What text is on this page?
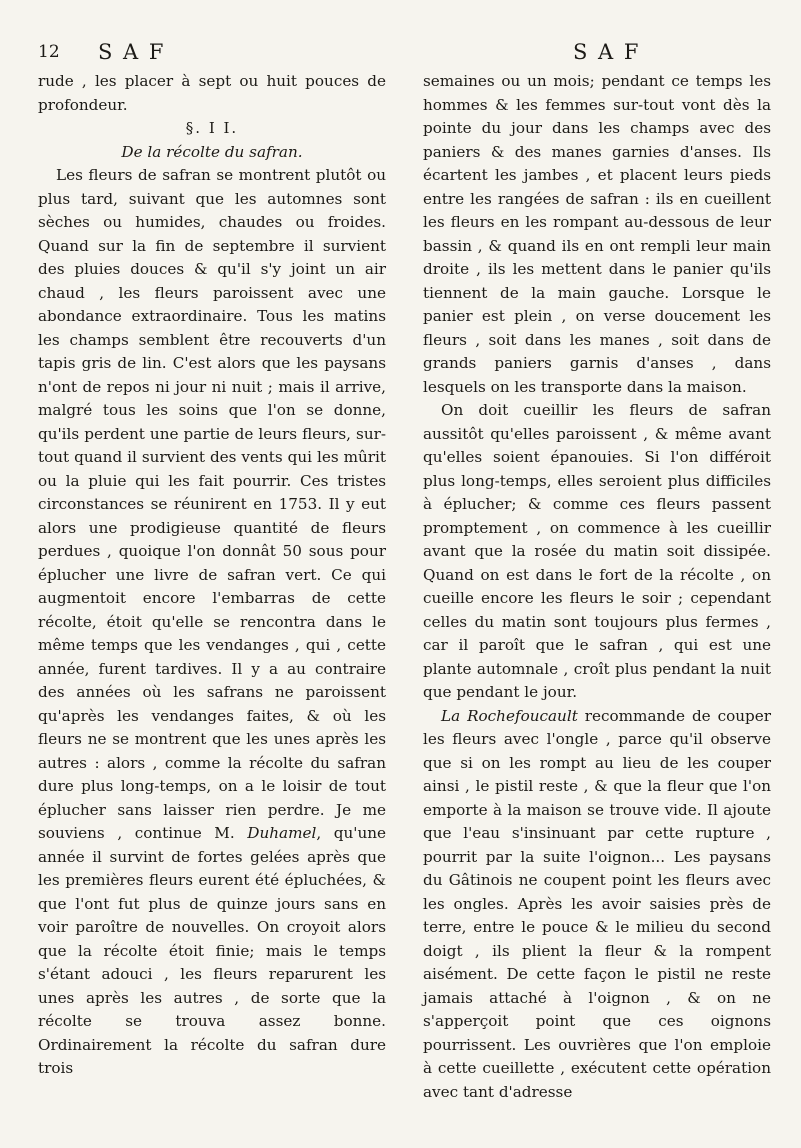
12 S A F	S A F

rude , les placer à sept ou huit pouces de profondeur.

§. I I.

De la récolte du safran.

Les fleurs de safran se montrent plutôt ou plus tard, suivant que les automnes sont sèches ou humides, chaudes ou froides. Quand sur la fin de septembre il survient des pluies douces & qu'il s'y joint un air chaud , les fleurs paroissent avec une abondance extraordinaire. Tous les matins les champs semblent être recouverts d'un tapis gris de lin. C'est alors que les paysans n'ont de repos ni jour ni nuit ; mais il arrive, malgré tous les soins que l'on se donne, qu'ils perdent une partie de leurs fleurs, sur-tout quand il survient des vents qui les mûrit ou la pluie qui les fait pourrir. Ces tristes circonstances se réunirent en 1753. Il y eut alors une prodigieuse quantité de fleurs perdues , quoique l'on donnât 50 sous pour éplucher une livre de safran vert. Ce qui augmentoit encore l'embarras de cette récolte, étoit qu'elle se rencontra dans le même temps que les vendanges , qui , cette année, furent tardives. Il y a au contraire des années où les safrans ne paroissent qu'après les vendanges faites, & où les fleurs ne se montrent que les unes après les autres : alors , comme la récolte du safran dure plus long-temps, on a le loisir de tout éplucher sans laisser rien perdre. Je me souviens , continue M. Duhamel, qu'une année il survint de fortes gelées après que les premières fleurs eurent été épluchées, & que l'ont fut plus de quinze jours sans en voir paroître de nouvelles. On croyoit alors que la récolte étoit finie; mais le temps s'étant adouci , les fleurs reparurent les unes après les autres , de sorte que la récolte se trouva assez bonne. Ordinairement la récolte du safran dure trois

semaines ou un mois; pendant ce temps les hommes & les femmes sur-tout vont dès la pointe du jour dans les champs avec des paniers & des manes garnies d'anses. Ils écartent les jambes , et placent leurs pieds entre les rangées de safran : ils en cueillent les fleurs en les rompant au-dessous de leur bassin , & quand ils en ont rempli leur main droite , ils les mettent dans le panier qu'ils tiennent de la main gauche. Lorsque le panier est plein , on verse doucement les fleurs , soit dans les manes , soit dans de grands paniers garnis d'anses , dans lesquels on les transporte dans la maison.

On doit cueillir les fleurs de safran aussitôt qu'elles paroissent , & même avant qu'elles soient épanouies. Si l'on différoit plus long-temps, elles seroient plus difficiles à éplucher; & comme ces fleurs passent promptement , on commence à les cueillir avant que la rosée du matin soit dissipée. Quand on est dans le fort de la récolte , on cueille encore les fleurs le soir ; cependant celles du matin sont toujours plus fermes , car il paroît que le safran , qui est une plante automnale , croît plus pendant la nuit que pendant le jour.

La Rochefoucault recommande de couper les fleurs avec l'ongle , parce qu'il observe que si on les rompt au lieu de les couper ainsi , le pistil reste , & que la fleur que l'on emporte à la maison se trouve vide. Il ajoute que l'eau s'insinuant par cette rupture , pourrit par la suite l'oignon... Les paysans du Gâtinois ne coupent point les fleurs avec les ongles. Après les avoir saisies près de terre, entre le pouce & le milieu du second doigt , ils plient la fleur & la rompent aisément. De cette façon le pistil ne reste jamais attaché à l'oignon , & on ne s'apperçoit point que ces oignons pourrissent. Les ouvrières que l'on emploie à cette cueillette , exécutent cette opération avec tant d'adresse
